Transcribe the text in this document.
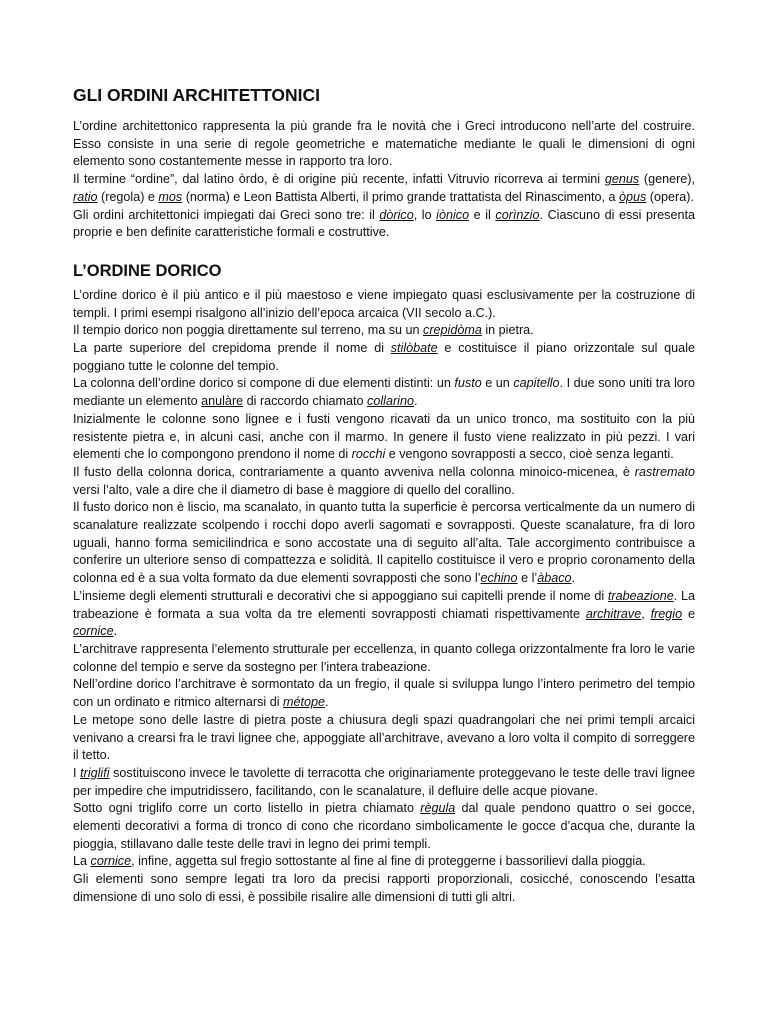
GLI ORDINI ARCHITETTONICI

L’ordine architettonico rappresenta la più grande fra le novità che i Greci introducono nell’arte del costruire. Esso consiste in una serie di regole geometriche e matematiche mediante le quali le dimensioni di ogni elemento sono costantemente messe in rapporto tra loro.

Il termine “ordine”, dal latino òrdo, è di origine più recente, infatti Vitruvio ricorreva ai termini genus (genere), ratio (regola) e mos (norma) e Leon Battista Alberti, il primo grande trattatista del Rinascimento, a òpus (opera).

Gli ordini architettonici impiegati dai Greci sono tre: il dòrico, lo iònico e il corìnzio. Ciascuno di essi presenta proprie e ben definite caratteristiche formali e costruttive.

L’ORDINE DORICO

L’ordine dorico è il più antico e il più maestoso e viene impiegato quasi esclusivamente per la costruzione di templi. I primi esempi risalgono all’inizio dell’epoca arcaica (VII secolo a.C.).

Il tempio dorico non poggia direttamente sul terreno, ma su un crepidòma in pietra.

La parte superiore del crepidoma prende il nome di stilòbate e costituisce il piano orizzontale sul quale poggiano tutte le colonne del tempio.

La colonna dell’ordine dorico si compone di due elementi distinti: un fusto e un capitello. I due sono uniti tra loro mediante un elemento anulàre di raccordo chiamato collarino.

Inizialmente le colonne sono lignee e i fusti vengono ricavati da un unico tronco, ma sostituito con la più resistente pietra e, in alcuni casi, anche con il marmo. In genere il fusto viene realizzato in più pezzi. I vari elementi che lo compongono prendono il nome di rocchi e vengono sovrapposti a secco, cioè senza leganti.

Il fusto della colonna dorica, contrariamente a quanto avveniva nella colonna minoico-micenea, è rastremato versi l’alto, vale a dire che il diametro di base è maggiore di quello del corallino.

Il fusto dorico non è liscio, ma scanalato, in quanto tutta la superficie è percorsa verticalmente da un numero di scanalature realizzate scolpendo i rocchi dopo averli sagomati e sovrapposti. Queste scanalature, fra di loro uguali, hanno forma semicilindrica e sono accostate una di seguito all’alta. Tale accorgimento contribuisce a conferire un ulteriore senso di compattezza e solidità. Il capitello costituisce il vero e proprio coronamento della colonna ed è a sua volta formato da due elementi sovrapposti che sono l’echino e l’àbaco.

L’insieme degli elementi strutturali e decorativi che si appoggiano sui capitelli prende il nome di trabeazione. La trabeazione è formata a sua volta da tre elementi sovrapposti chiamati rispettivamente architrave, fregio e cornice.

L’architrave rappresenta l’elemento strutturale per eccellenza, in quanto collega orizzontalmente fra loro le varie colonne del tempio e serve da sostegno per l’intera trabeazione.

Nell’ordine dorico l’architrave è sormontato da un fregio, il quale si sviluppa lungo l’intero perimetro del tempio con un ordinato e ritmico alternarsi di métope.

Le metope sono delle lastre di pietra poste a chiusura degli spazi quadrangolari che nei primi templi arcaici venivano a crearsi fra le travi lignee che, appoggiate all’architrave, avevano a loro volta il compito di sorreggere il tetto.

I triglifi sostituiscono invece le tavolette di terracotta che originariamente proteggevano le teste delle travi lignee per impedire che imputridissero, facilitando, con le scanalature, il defluire delle acque piovane.

Sotto ogni triglifo corre un corto listello in pietra chiamato règula dal quale pendono quattro o sei gocce, elementi decorativi a forma di tronco di cono che ricordano simbolicamente le gocce d’acqua che, durante la pioggia, stillavano dalle teste delle travi in legno dei primi templi.

La cornice, infine, aggetta sul fregio sottostante al fine al fine di proteggerne i bassorilievi dalla pioggia.

Gli elementi sono sempre legati tra loro da precisi rapporti proporzionali, cosicché, conoscendo l’esatta dimensione di uno solo di essi, è possibile risalire alle dimensioni di tutti gli altri.
